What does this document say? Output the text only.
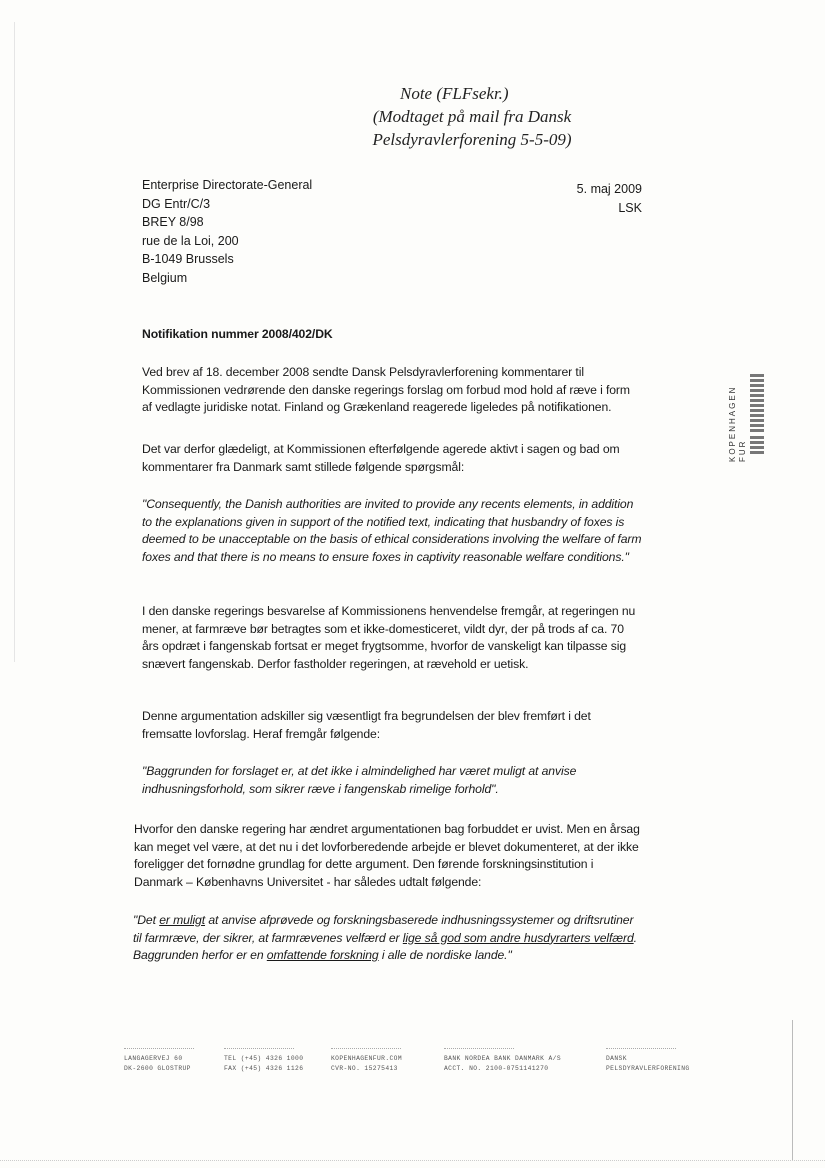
Note (FLFsekr.)
(Modtaget på mail fra Dansk
Pelsdyravlerforening 5-5-09)
Enterprise Directorate-General
DG Entr/C/3
BREY 8/98
rue de la Loi, 200
B-1049 Brussels
Belgium
5. maj 2009
LSK
Notifikation nummer 2008/402/DK
Ved brev af 18. december 2008 sendte Dansk Pelsdyravlerforening kommentarer til Kommissionen vedrørende den danske regerings forslag om forbud mod hold af ræve i form af vedlagte juridiske notat. Finland og Grækenland reagerede ligeledes på notifikationen.
Det var derfor glædeligt, at Kommissionen efterfølgende agerede aktivt i sagen og bad om kommentarer fra Danmark samt stillede følgende spørgsmål:
"Consequently, the Danish authorities are invited to provide any recents elements, in addition to the explanations given in support of the notified text, indicating that husbandry of foxes is deemed to be unacceptable on the basis of ethical considerations involving the welfare of farm foxes and that there is no means to ensure foxes in captivity reasonable welfare conditions."
I den danske regerings besvarelse af Kommissionens henvendelse fremgår, at regeringen nu mener, at farmræve bør betragtes som et ikke-domesticeret, vildt dyr, der på trods af ca. 70 års opdræt i fangenskab fortsat er meget frygtsomme, hvorfor de vanskeligt kan tilpasse sig snævert fangenskab. Derfor fastholder regeringen, at rævehold er uetisk.
Denne argumentation adskiller sig væsentligt fra begrundelsen der blev fremført i det fremsatte lovforslag. Heraf fremgår følgende:
"Baggrunden for forslaget er, at det ikke i almindelighed har været muligt at anvise indhusningsforhold, som sikrer ræve i fangenskab rimelige forhold".
Hvorfor den danske regering har ændret argumentationen bag forbuddet er uvist. Men en årsag kan meget vel være, at det nu i det lovforberedende arbejde er blevet dokumenteret, at der ikke foreligger det fornødne grundlag for dette argument. Den førende forskningsinstitution i Danmark – Københavns Universitet - har således udtalt følgende:
"Det er muligt at anvise afprøvede og forskningsbaserede indhusningssystemer og driftsrutiner til farmræve, der sikrer, at farmrævenes velfærd er lige så god som andre husdyrarters velfærd. Baggrunden herfor er en omfattende forskning i alle de nordiske lande."
KOPENHAGEN FUR
LANGAGERVEJ 60
DK-2600 GLOSTRUP
TEL (+45) 4326 1000
FAX (+45) 4326 1126
KOPENHAGENFUR.COM
CVR-NO. 15275413
BANK NORDEA BANK DANMARK A/S
ACCT. NO. 2100-0751141270
DANSK
PELSDYRAVLERFORENING
